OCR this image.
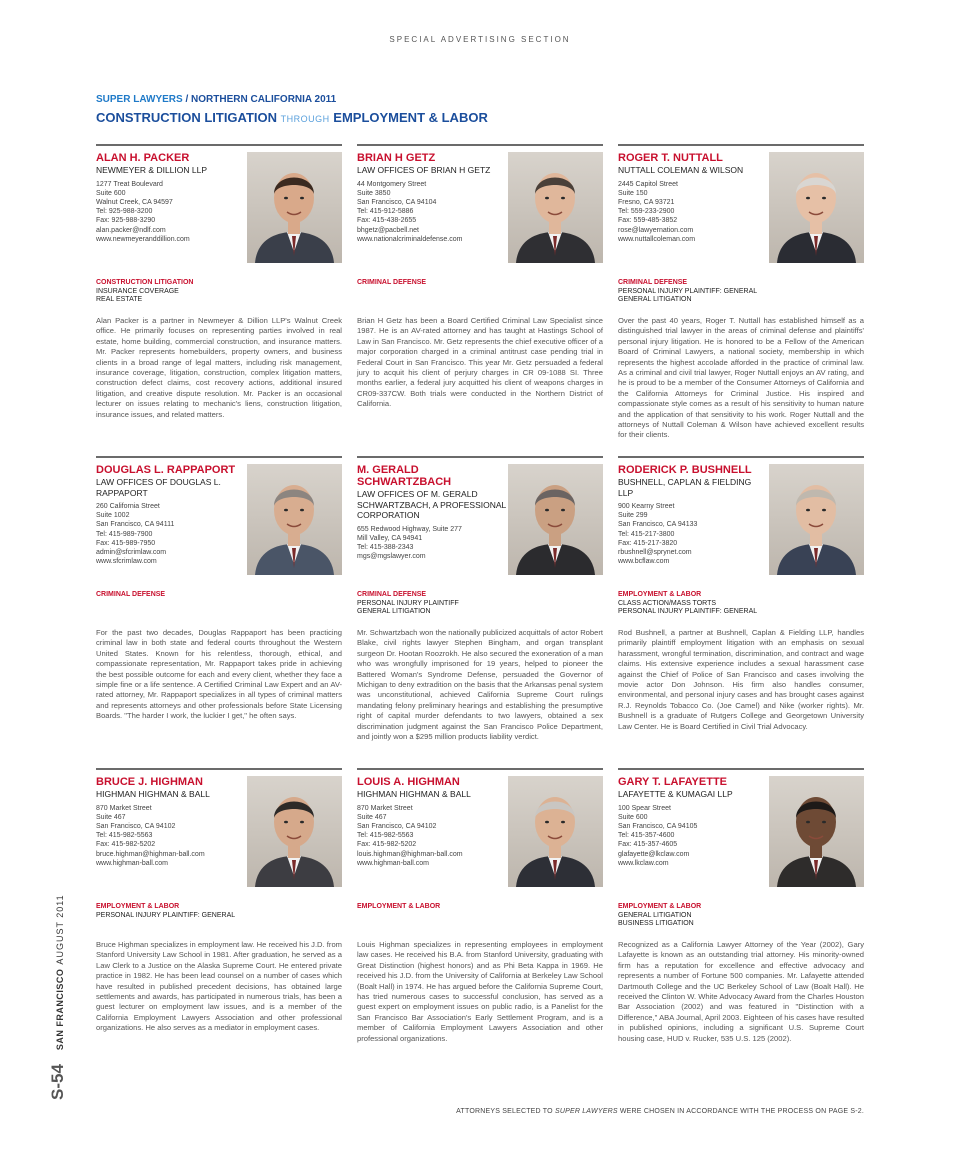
SPECIAL ADVERTISING SECTION
SUPER LAWYERS / NORTHERN CALIFORNIA 2011
CONSTRUCTION LITIGATION THROUGH EMPLOYMENT & LABOR
S-54SAN FRANCISCOAUGUST 2011
ATTORNEYS SELECTED TO SUPER LAWYERS WERE CHOSEN IN ACCORDANCE WITH THE PROCESS ON PAGE S-2.
ALAN H. PACKER
NEWMEYER & DILLION LLP
1277 Treat Boulevard
Suite 600
Walnut Creek, CA 94597
Tel: 925-988-3200
Fax: 925-988-3290
alan.packer@ndlf.com
www.newmeyeranddillion.com
CONSTRUCTION LITIGATION
INSURANCE COVERAGE
REAL ESTATE
Alan Packer is a partner in Newmeyer & Dillion LLP's Walnut Creek office. He primarily focuses on representing parties involved in real estate, home building, commercial construction, and insurance matters. Mr. Packer represents homebuilders, property owners, and business clients in a broad range of legal matters, including risk management, insurance coverage, litigation, construction, complex litigation matters, construction defect claims, cost recovery actions, additional insured litigation, and creative dispute resolution. Mr. Packer is an occasional lecturer on issues relating to mechanic's liens, construction litigation, insurance issues, and related matters.
BRIAN H GETZ
LAW OFFICES OF BRIAN H GETZ
44 Montgomery Street
Suite 3850
San Francisco, CA 94104
Tel: 415-912-5886
Fax: 415-438-2655
bhgetz@pacbell.net
www.nationalcriminaldefense.com
CRIMINAL DEFENSE
Brian H Getz has been a Board Certified Criminal Law Specialist since 1987. He is an AV-rated attorney and has taught at Hastings School of Law in San Francisco. Mr. Getz represents the chief executive officer of a major corporation charged in a criminal antitrust case pending trial in Federal Court in San Francisco. This year Mr. Getz persuaded a federal jury to acquit his client of perjury charges in CR 09-1088 SI. Three months earlier, a federal jury acquitted his client of weapons charges in CR09-337CW. Both trials were conducted in the Northern District of California.
ROGER T. NUTTALL
NUTTALL COLEMAN & WILSON
2445 Capitol Street
Suite 150
Fresno, CA 93721
Tel: 559-233-2900
Fax: 559-485-3852
rose@lawyernation.com
www.nuttallcoleman.com
CRIMINAL DEFENSE
PERSONAL INJURY PLAINTIFF: GENERAL
GENERAL LITIGATION
Over the past 40 years, Roger T. Nuttall has established himself as a distinguished trial lawyer in the areas of criminal defense and plaintiffs' personal injury litigation. He is honored to be a Fellow of the American Board of Criminal Lawyers, a national society, membership in which represents the highest accolade afforded in the practice of criminal law. As a criminal and civil trial lawyer, Roger Nuttall enjoys an AV rating, and he is proud to be a member of the Consumer Attorneys of California and the California Attorneys for Criminal Justice. His inspired and compassionate style comes as a result of his sensitivity to human nature and the application of that sensitivity to his work. Roger Nuttall and the attorneys of Nuttall Coleman & Wilson have achieved excellent results for their clients.
DOUGLAS L. RAPPAPORT
LAW OFFICES OF DOUGLAS L. RAPPAPORT
260 California Street
Suite 1002
San Francisco, CA 94111
Tel: 415-989-7900
Fax: 415-989-7950
admin@sfcrimlaw.com
www.sfcrimlaw.com
CRIMINAL DEFENSE
For the past two decades, Douglas Rappaport has been practicing criminal law in both state and federal courts throughout the Western United States. Known for his relentless, thorough, ethical, and compassionate representation, Mr. Rappaport takes pride in achieving the best possible outcome for each and every client, whether they face a simple fine or a life sentence. A Certified Criminal Law Expert and an AV-rated attorney, Mr. Rappaport specializes in all types of criminal matters and represents attorneys and other professionals before State Licensing Boards. "The harder I work, the luckier I get," he often says.
M. GERALD SCHWARTZBACH
LAW OFFICES OF M. GERALD SCHWARTZBACH, A PROFESSIONAL CORPORATION
655 Redwood Highway, Suite 277
Mill Valley, CA 94941
Tel: 415-388-2343
mgs@mgslawyer.com
CRIMINAL DEFENSE
PERSONAL INJURY PLAINTIFF
GENERAL LITIGATION
Mr. Schwartzbach won the nationally publicized acquittals of actor Robert Blake, civil rights lawyer Stephen Bingham, and organ transplant surgeon Dr. Hootan Roozrokh. He also secured the exoneration of a man who was wrongfully imprisoned for 19 years, helped to pioneer the Battered Woman's Syndrome Defense, persuaded the Governor of Michigan to deny extradition on the basis that the Arkansas penal system was unconstitutional, achieved California Supreme Court rulings mandating felony preliminary hearings and establishing the presumptive right of capital murder defendants to two lawyers, obtained a sex discrimination judgment against the San Francisco Police Department, and jointly won a $295 million products liability verdict.
RODERICK P. BUSHNELL
BUSHNELL, CAPLAN & FIELDING LLP
900 Kearny Street
Suite 299
San Francisco, CA 94133
Tel: 415-217-3800
Fax: 415-217-3820
rbushnell@sprynet.com
www.bcflaw.com
EMPLOYMENT & LABOR
CLASS ACTION/MASS TORTS
PERSONAL INJURY PLAINTIFF: GENERAL
Rod Bushnell, a partner at Bushnell, Caplan & Fielding LLP, handles primarily plaintiff employment litigation with an emphasis on sexual harassment, wrongful termination, discrimination, and contract and wage claims. His extensive experience includes a sexual harassment case against the Chief of Police of San Francisco and cases involving the movie actor Don Johnson. His firm also handles consumer, environmental, and personal injury cases and has brought cases against R.J. Reynolds Tobacco Co. (Joe Camel) and Nike (worker rights). Mr. Bushnell is a graduate of Rutgers College and Georgetown University Law Center. He is Board Certified in Civil Trial Advocacy.
BRUCE J. HIGHMAN
HIGHMAN HIGHMAN & BALL
870 Market Street
Suite 467
San Francisco, CA 94102
Tel: 415-982-5563
Fax: 415-982-5202
bruce.highman@highman-ball.com
www.highman-ball.com
EMPLOYMENT & LABOR
PERSONAL INJURY PLAINTIFF: GENERAL
Bruce Highman specializes in employment law. He received his J.D. from Stanford University Law School in 1981. After graduation, he served as a Law Clerk to a Justice on the Alaska Supreme Court. He entered private practice in 1982. He has been lead counsel on a number of cases which have resulted in published precedent decisions, has obtained large settlements and awards, has participated in numerous trials, has been a guest lecturer on employment law issues, and is a member of the California Employment Lawyers Association and other professional organizations. He also serves as a mediator in employment cases.
LOUIS A. HIGHMAN
HIGHMAN HIGHMAN & BALL
870 Market Street
Suite 467
San Francisco, CA 94102
Tel: 415-982-5563
Fax: 415-982-5202
louis.highman@highman-ball.com
www.highman-ball.com
EMPLOYMENT & LABOR
Louis Highman specializes in representing employees in employment law cases. He received his B.A. from Stanford University, graduating with Great Distinction (highest honors) and as Phi Beta Kappa in 1969. He received his J.D. from the University of California at Berkeley Law School (Boalt Hall) in 1974. He has argued before the California Supreme Court, has tried numerous cases to successful conclusion, has served as a guest expert on employment issues on public radio, is a Panelist for the San Francisco Bar Association's Early Settlement Program, and is a member of California Employment Lawyers Association and other professional organizations.
GARY T. LAFAYETTE
LAFAYETTE & KUMAGAI LLP
100 Spear Street
Suite 600
San Francisco, CA 94105
Tel: 415-357-4600
Fax: 415-357-4605
glafayette@lkclaw.com
www.lkclaw.com
EMPLOYMENT & LABOR
GENERAL LITIGATION
BUSINESS LITIGATION
Recognized as a California Lawyer Attorney of the Year (2002), Gary Lafayette is known as an outstanding trial attorney. His minority-owned firm has a reputation for excellence and effective advocacy and represents a number of Fortune 500 companies. Mr. Lafayette attended Dartmouth College and the UC Berkeley School of Law (Boalt Hall). He received the Clinton W. White Advocacy Award from the Charles Houston Bar Association (2002) and was featured in "Distinction with a Difference," ABA Journal, April 2003. Eighteen of his cases have resulted in published opinions, including a significant U.S. Supreme Court housing case, HUD v. Rucker, 535 U.S. 125 (2002).
